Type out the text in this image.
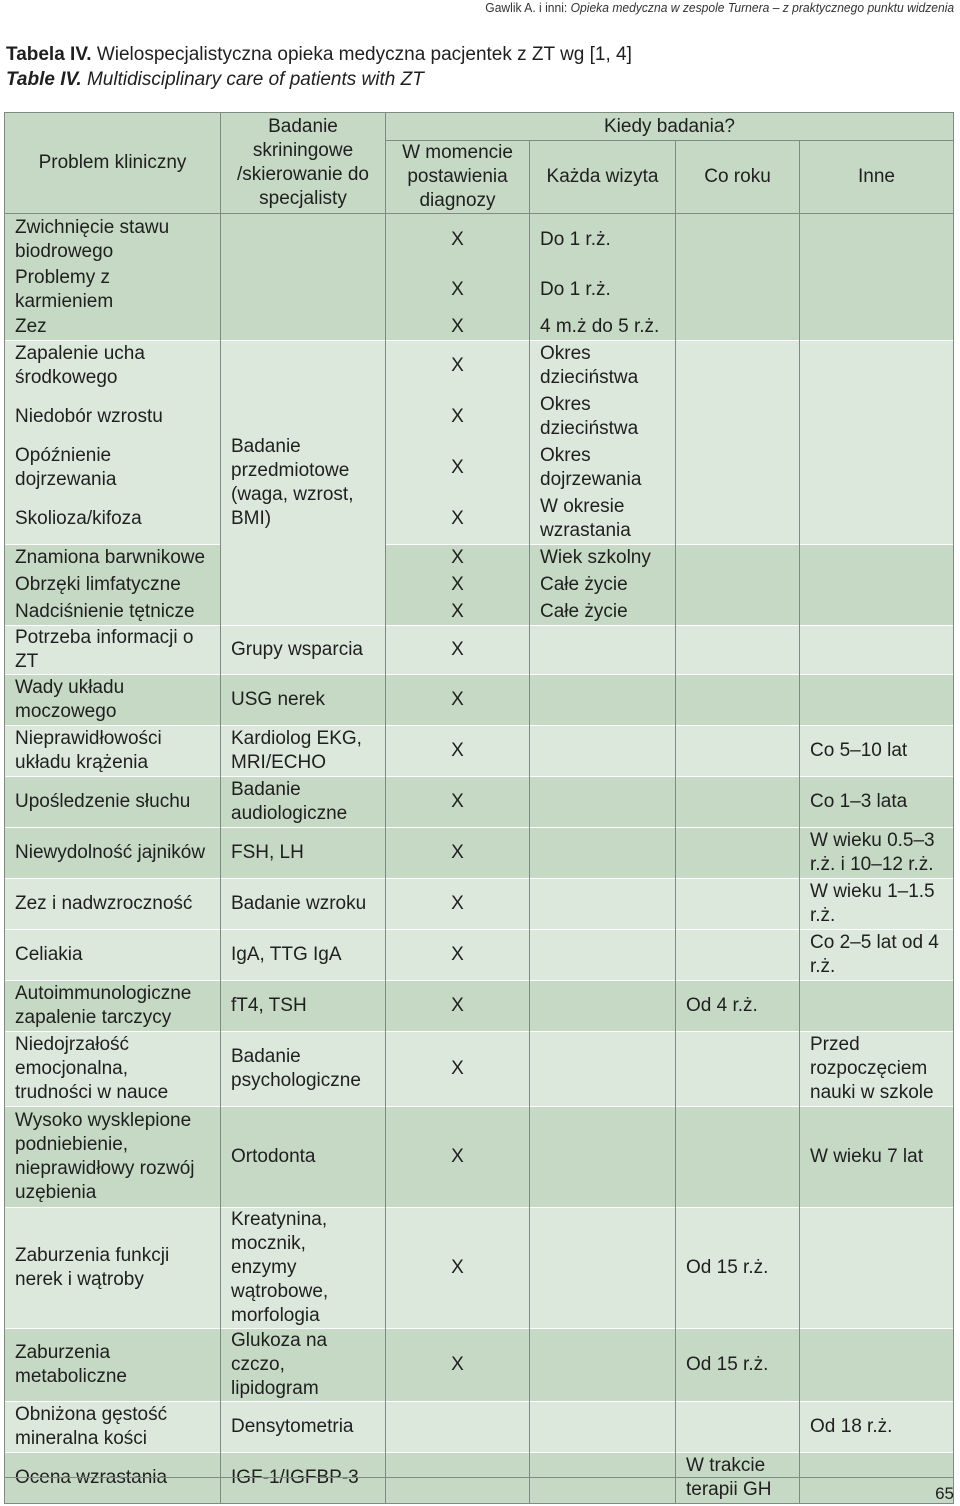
Gawlik A. i inni: Opieka medyczna w zespole Turnera – z praktycznego punktu widzenia
Tabela IV. Wielospecjalistyczna opieka medyczna pacjentek z ZT wg [1, 4]
Table IV. Multidisciplinary care of patients with ZT
Problem kliniczny	Badanie skriningowe /skierowanie do specjalisty	Kiedy badania?			
		W momencie postawienia diagnozy	Każda wizyta	Co roku	Inne
Zwichnięcie stawu biodrowego		X	Do 1 r.ż.		
Problemy z karmieniem		X	Do 1 r.ż.		
Zez		X	4 m.ż do 5 r.ż.		
Zapalenie ucha środkowego	Badanie przedmiotowe (waga, wzrost, BMI)	X	Okres dzieciństwa		
Niedobór wzrostu		X	Okres dzieciństwa		
Opóźnienie dojrzewania		X	Okres dojrzewania		
Skolioza/kifoza		X	W okresie wzrastania		
Znamiona barwnikowe		X	Wiek szkolny		
Obrzęki limfatyczne		X	Całe życie		
Nadciśnienie tętnicze		X	Całe życie		
Potrzeba informacji o ZT	Grupy wsparcia	X			
Wady układu moczowego	USG nerek	X			
Nieprawidłowości układu krążenia	Kardiolog EKG, MRI/ECHO	X			Co 5–10 lat
Upośledzenie słuchu	Badanie audiologiczne	X			Co 1–3 lata
Niewydolność jajników	FSH, LH	X			W wieku 0.5–3 r.ż. i 10–12 r.ż.
Zez i nadwzroczność	Badanie wzroku	X			W wieku 1–1.5 r.ż.
Celiakia	IgA, TTG IgA	X			Co 2–5 lat od 4 r.ż.
Autoimmunologiczne zapalenie tarczycy	fT4, TSH	X		Od 4 r.ż.	
Niedojrzałość emocjonalna, trudności w nauce	Badanie psychologiczne	X			Przed rozpoczęciem nauki w szkole
Wysoko wysklepione podniebienie, nieprawidłowy rozwój uzębienia	Ortodonta	X			W wieku 7 lat
Zaburzenia funkcji nerek i wątroby	Kreatynina, mocznik, enzymy wątrobowe, morfologia	X		Od 15 r.ż.	
Zaburzenia metaboliczne	Glukoza na czczo, lipidogram	X		Od 15 r.ż.	
Obniżona gęstość mineralna kości	Densytometria				Od 18 r.ż.
Ocena wzrastania	IGF-1/IGFBP-3			W trakcie terapii GH		65
